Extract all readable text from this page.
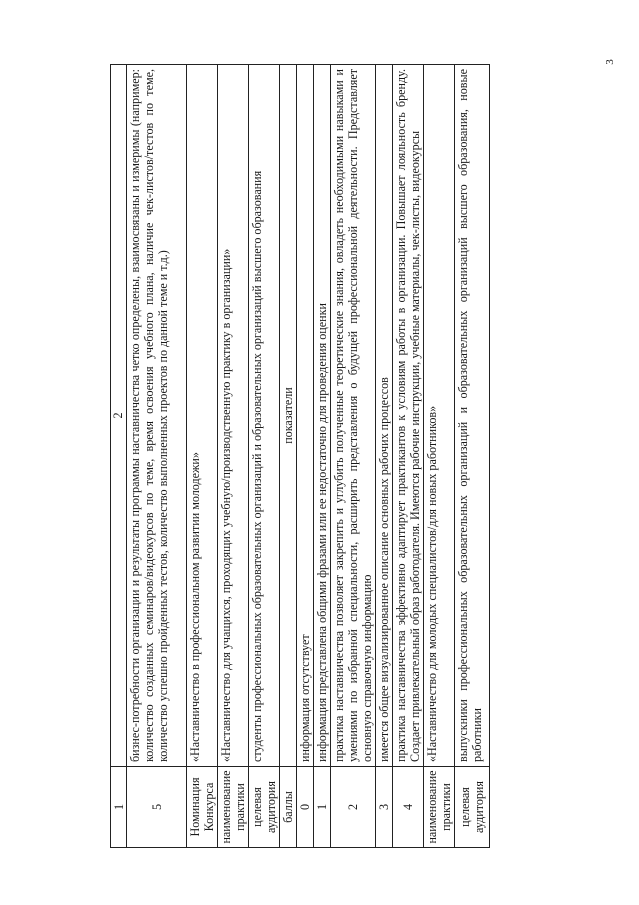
3
1	2
5	бизнес-потребности организации и результаты программы наставничества четко определены, взаимосвязаны и измеримы (например: количество созданных семинаров/видеокурсов по теме, время освоения учебного плана, наличие чек-листов/тестов по теме, количество успешно пройденных тестов, количество выполненных проектов по данной теме и т.д.)
Номинация Конкурса	«Наставничество в профессиональном развитии молодежи»
наименование практики	«Наставничество для учащихся, проходящих учебную/производственную практику в организации»
целевая аудитория	студенты профессиональных образовательных организаций и образовательных организаций высшего образования
баллы	показатели
0	информация отсутствует
1	информация представлена общими фразами или ее недостаточно для проведения оценки
2	практика наставничества позволяет закрепить и углубить полученные теоретические знания, овладеть необходимыми навыками и умениями по избранной специальности, расширить представления о будущей профессиональной деятельности. Представляет основную справочную информацию
3	имеется общее визуализированное описание основных рабочих процессов
4	практика наставничества эффективно адаптирует практикантов к условиям работы в организации. Повышает лояльность бренду. Создает привлекательный образ работодателя. Имеются рабочие инструкции, учебные материалы, чек-листы, видеокурсы
наименование практики	«Наставничество для молодых специалистов/для новых работников»
целевая аудитория	выпускники профессиональных образовательных организаций и образовательных организаций высшего образования, новые работники
